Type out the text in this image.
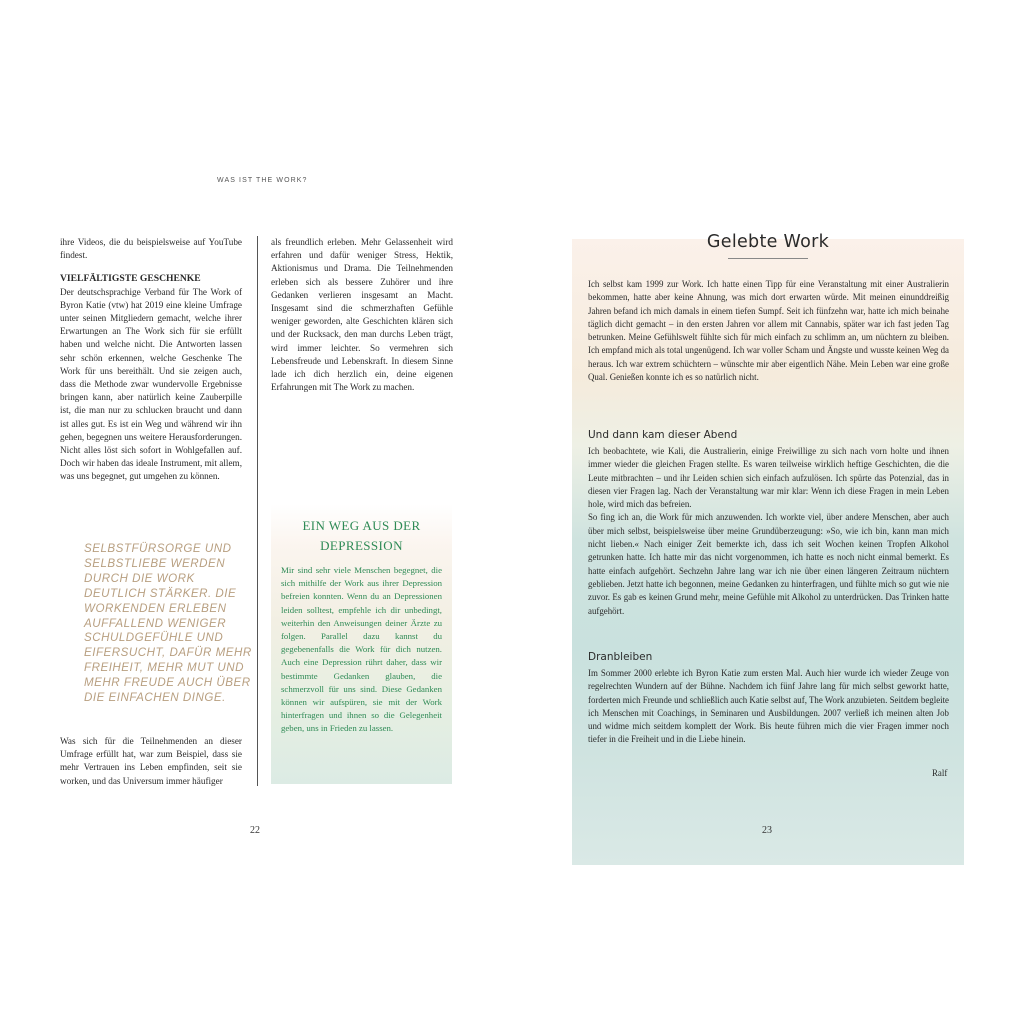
WAS IST THE WORK?

ihre Videos, die du beispielsweise auf YouTube findest.

VIELFÄLTIGSTE GESCHENKE

Der deutschsprachige Verband für The Work of Byron Katie (vtw) hat 2019 eine kleine Umfrage unter seinen Mitgliedern gemacht, welche ihrer Erwartungen an The Work sich für sie erfüllt haben und welche nicht. Die Antworten lassen sehr schön erkennen, welche Geschenke The Work für uns bereithält. Und sie zeigen auch, dass die Methode zwar wundervolle Ergebnisse bringen kann, aber natürlich keine Zauberpille ist, die man nur zu schlucken braucht und dann ist alles gut. Es ist ein Weg und während wir ihn gehen, begegnen uns weitere Herausforderungen. Nicht alles löst sich sofort in Wohlgefallen auf. Doch wir haben das ideale Instrument, mit allem, was uns begegnet, gut umgehen zu können.

SELBSTFÜRSORGE UND SELBSTLIEBE WERDEN DURCH DIE WORK DEUTLICH STÄRKER. DIE WORKENDEN ERLEBEN AUFFALLEND WENIGER SCHULDGEFÜHLE UND EIFERSUCHT, DAFÜR MEHR FREIHEIT, MEHR MUT UND MEHR FREUDE AUCH ÜBER DIE EINFACHEN DINGE.

Was sich für die Teilnehmenden an dieser Umfrage erfüllt hat, war zum Beispiel, dass sie mehr Vertrauen ins Leben empfinden, seit sie worken, und das Universum immer häufiger

als freundlich erleben. Mehr Gelassenheit wird erfahren und dafür weniger Stress, Hektik, Aktionismus und Drama. Die Teilnehmenden erleben sich als bessere Zuhörer und ihre Gedanken verlieren insgesamt an Macht. Insgesamt sind die schmerzhaften Gefühle weniger geworden, alte Geschichten klären sich und der Rucksack, den man durchs Leben trägt, wird immer leichter. So vermehren sich Lebensfreude und Lebenskraft. In diesem Sinne lade ich dich herzlich ein, deine eigenen Erfahrungen mit The Work zu machen.

EIN WEG AUS DER DEPRESSION

Mir sind sehr viele Menschen begegnet, die sich mithilfe der Work aus ihrer Depression befreien konnten. Wenn du an Depressionen leiden solltest, empfehle ich dir unbedingt, weiterhin den Anweisungen deiner Ärzte zu folgen. Parallel dazu kannst du gegebenenfalls die Work für dich nutzen. Auch eine Depression rührt daher, dass wir bestimmte Gedanken glauben, die schmerzvoll für uns sind. Diese Gedanken können wir aufspüren, sie mit der Work hinterfragen und ihnen so die Gelegenheit geben, uns in Frieden zu lassen.

22
Gelebte Work

Ich selbst kam 1999 zur Work. Ich hatte einen Tipp für eine Veranstaltung mit einer Australierin bekommen, hatte aber keine Ahnung, was mich dort erwarten würde. Mit meinen einunddreißig Jahren befand ich mich damals in einem tiefen Sumpf. Seit ich fünfzehn war, hatte ich mich beinahe täglich dicht gemacht – in den ersten Jahren vor allem mit Cannabis, später war ich fast jeden Tag betrunken. Meine Gefühlswelt fühlte sich für mich einfach zu schlimm an, um nüchtern zu bleiben. Ich empfand mich als total ungenügend. Ich war voller Scham und Ängste und wusste keinen Weg da heraus. Ich war extrem schüchtern – wünschte mir aber eigentlich Nähe. Mein Leben war eine große Qual. Genießen konnte ich es so natürlich nicht.

Und dann kam dieser Abend

Ich beobachtete, wie Kali, die Australierin, einige Freiwillige zu sich nach vorn holte und ihnen immer wieder die gleichen Fragen stellte. Es waren teilweise wirklich heftige Geschichten, die die Leute mitbrachten – und ihr Leiden schien sich einfach aufzulösen. Ich spürte das Potenzial, das in diesen vier Fragen lag. Nach der Veranstaltung war mir klar: Wenn ich diese Fragen in mein Leben hole, wird mich das befreien.

So fing ich an, die Work für mich anzuwenden. Ich workte viel, über andere Menschen, aber auch über mich selbst, beispielsweise über meine Grundüberzeugung: »So, wie ich bin, kann man mich nicht lieben.« Nach einiger Zeit bemerkte ich, dass ich seit Wochen keinen Tropfen Alkohol getrunken hatte. Ich hatte mir das nicht vorgenommen, ich hatte es noch nicht einmal bemerkt. Es hatte einfach aufgehört. Sechzehn Jahre lang war ich nie über einen längeren Zeitraum nüchtern geblieben. Jetzt hatte ich begonnen, meine Gedanken zu hinterfragen, und fühlte mich so gut wie nie zuvor. Es gab es keinen Grund mehr, meine Gefühle mit Alkohol zu unterdrücken. Das Trinken hatte aufgehört.

Dranbleiben

Im Sommer 2000 erlebte ich Byron Katie zum ersten Mal. Auch hier wurde ich wieder Zeuge von regelrechten Wundern auf der Bühne. Nachdem ich fünf Jahre lang für mich selbst geworkt hatte, forderten mich Freunde und schließlich auch Katie selbst auf, The Work anzubieten. Seitdem begleite ich Menschen mit Coachings, in Seminaren und Ausbildungen. 2007 verließ ich meinen alten Job und widme mich seitdem komplett der Work. Bis heute führen mich die vier Fragen immer noch tiefer in die Freiheit und in die Liebe hinein.

Ralf
23
